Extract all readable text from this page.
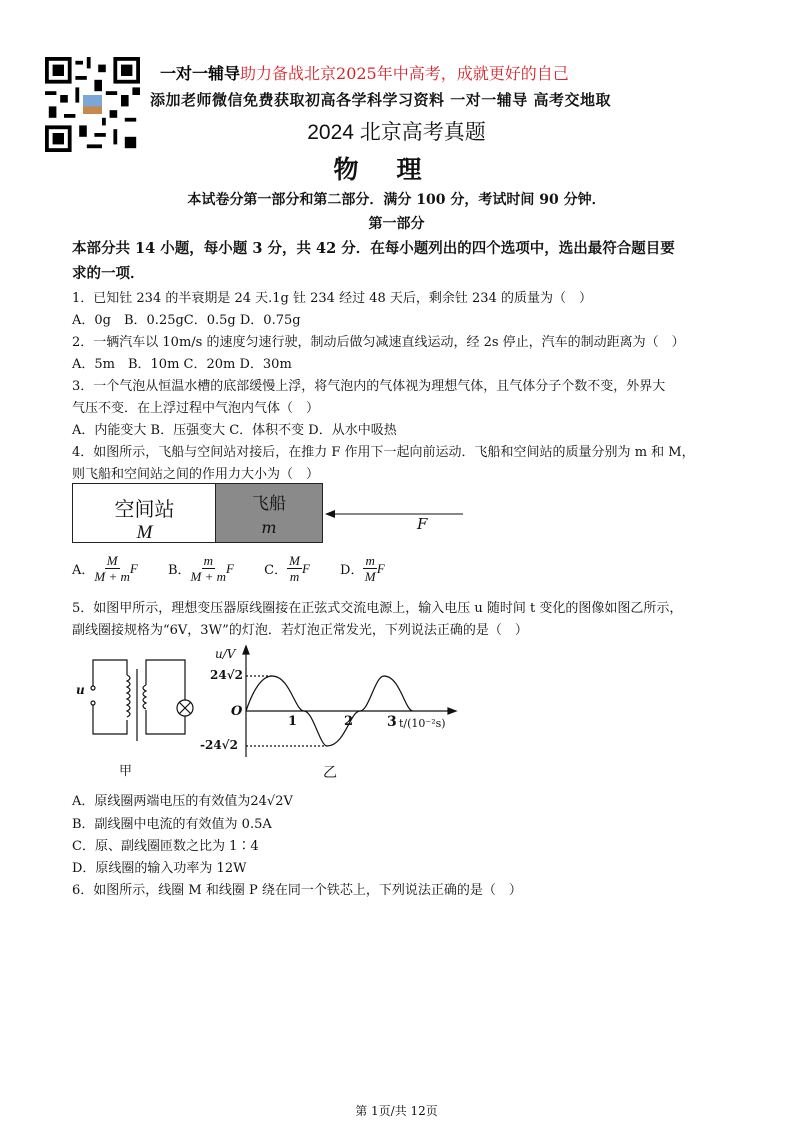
一对一辅导助力备战北京2025年中高考，成就更好的自己
添加老师微信免费获取初高各学科学习资料 一对一辅导 高考交地取
2024 北京高考真题
物理
本试卷分第一部分和第二部分．满分 100 分，考试时间 90 分钟．
第一部分
本部分共 14 小题，每小题 3 分，共 42 分．在每小题列出的四个选项中，选出最符合题目要
求的一项．
1．已知钍 234 的半衰期是 24 天.1g 钍 234 经过 48 天后，剩余钍 234 的质量为（　）
A．0g　B．0.25gC．0.5g D．0.75g
2．一辆汽车以 10m/s 的速度匀速行驶，制动后做匀减速直线运动，经 2s 停止，汽车的制动距离为（　）
A．5m　B．10m C．20m D．30m
3．一个气泡从恒温水槽的底部缓慢上浮，将气泡内的气体视为理想气体，且气体分子个数不变，外界大
气压不变．在上浮过程中气泡内气体（　）
A．内能变大 B．压强变大 C．体积不变 D．从水中吸热
4．如图所示，飞船与空间站对接后，在推力 F 作用下一起向前运动．飞船和空间站的质量分别为 m 和 M，
则飞船和空间站之间的作用力大小为（　）
空间站
M
飞船
m	F
A． $\frac{M}{M + m}$ F
B． $\frac{m}{M + m}$ F
C． $\frac{M}{m}$ F
D． $\frac{m}{M}$ F
5．如图甲所示，理想变压器原线圈接在正弦式交流电源上，输入电压 u 随时间 t 变化的图像如图乙所示，
副线圈接规格为“6V，3W”的灯泡．若灯泡正常发光，下列说法正确的是（　）
u
甲
u/V
24√2
-24√2
O
1	2 3 t/(10⁻²s)
乙
A．原线圈两端电压的有效值为24√2V
B．副线圈中电流的有效值为 0.5A
C．原、副线圈匝数之比为 1∶4
D．原线圈的输入功率为 12W
6．如图所示，线圈 M 和线圈 P 绕在同一个铁芯上，下列说法正确的是（　）
第 1页/共 12页
